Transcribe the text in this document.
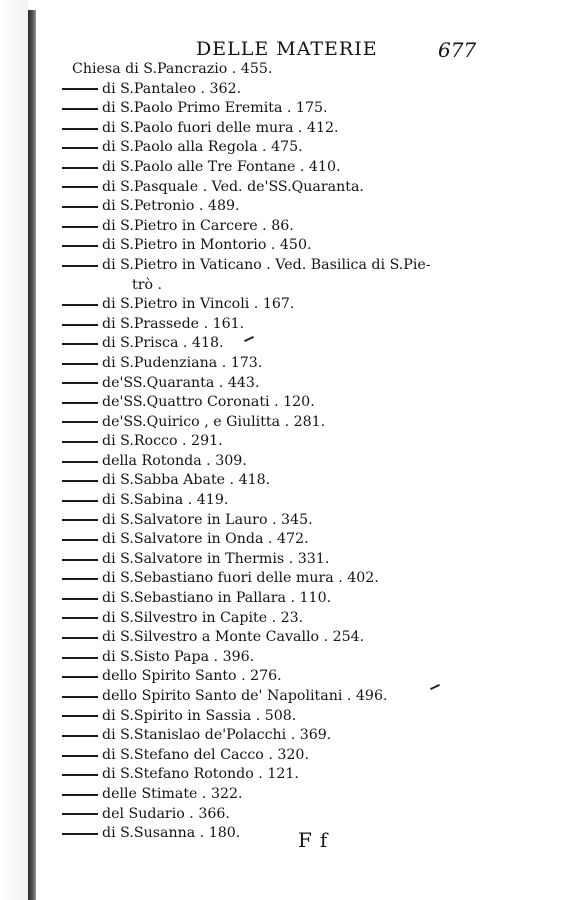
DELLE MATERIE	677
Chiesa di S.Pancrazio . 455.
di S.Pantaleo . 362.
di S.Paolo Primo Eremita . 175.
di S.Paolo fuori delle mura . 412.
di S.Paolo alla Regola . 475.
di S.Paolo alle Tre Fontane . 410.
di S.Pasquale . Ved. de'SS.Quaranta.
di S.Petronio . 489.
di S.Pietro in Carcere . 86.
di S.Pietro in Montorio . 450.
di S.Pietro in Vaticano . Ved. Basilica di S.Pie-
trò .
di S.Pietro in Vincoli . 167.
di S.Prassede . 161.
di S.Prisca . 418.
di S.Pudenziana . 173.
de'SS.Quaranta . 443.
de'SS.Quattro Coronati . 120.
de'SS.Quirico , e Giulitta . 281.
di S.Rocco . 291.
della Rotonda . 309.
di S.Sabba Abate . 418.
di S.Sabina . 419.
di S.Salvatore in Lauro . 345.
di S.Salvatore in Onda . 472.
di S.Salvatore in Thermis . 331.
di S.Sebastiano fuori delle mura . 402.
di S.Sebastiano in Pallara . 110.
di S.Silvestro in Capite . 23.
di S.Silvestro a Monte Cavallo . 254.
di S.Sisto Papa . 396.
dello Spirito Santo . 276.
dello Spirito Santo de' Napolitani . 496.
di S.Spirito in Sassia . 508.
di S.Stanislao de'Polacchi . 369.
di S.Stefano del Cacco . 320.
di S.Stefano Rotondo . 121.
delle Stimate . 322.
del Sudario . 366.
di S.Susanna . 180.	Ff
